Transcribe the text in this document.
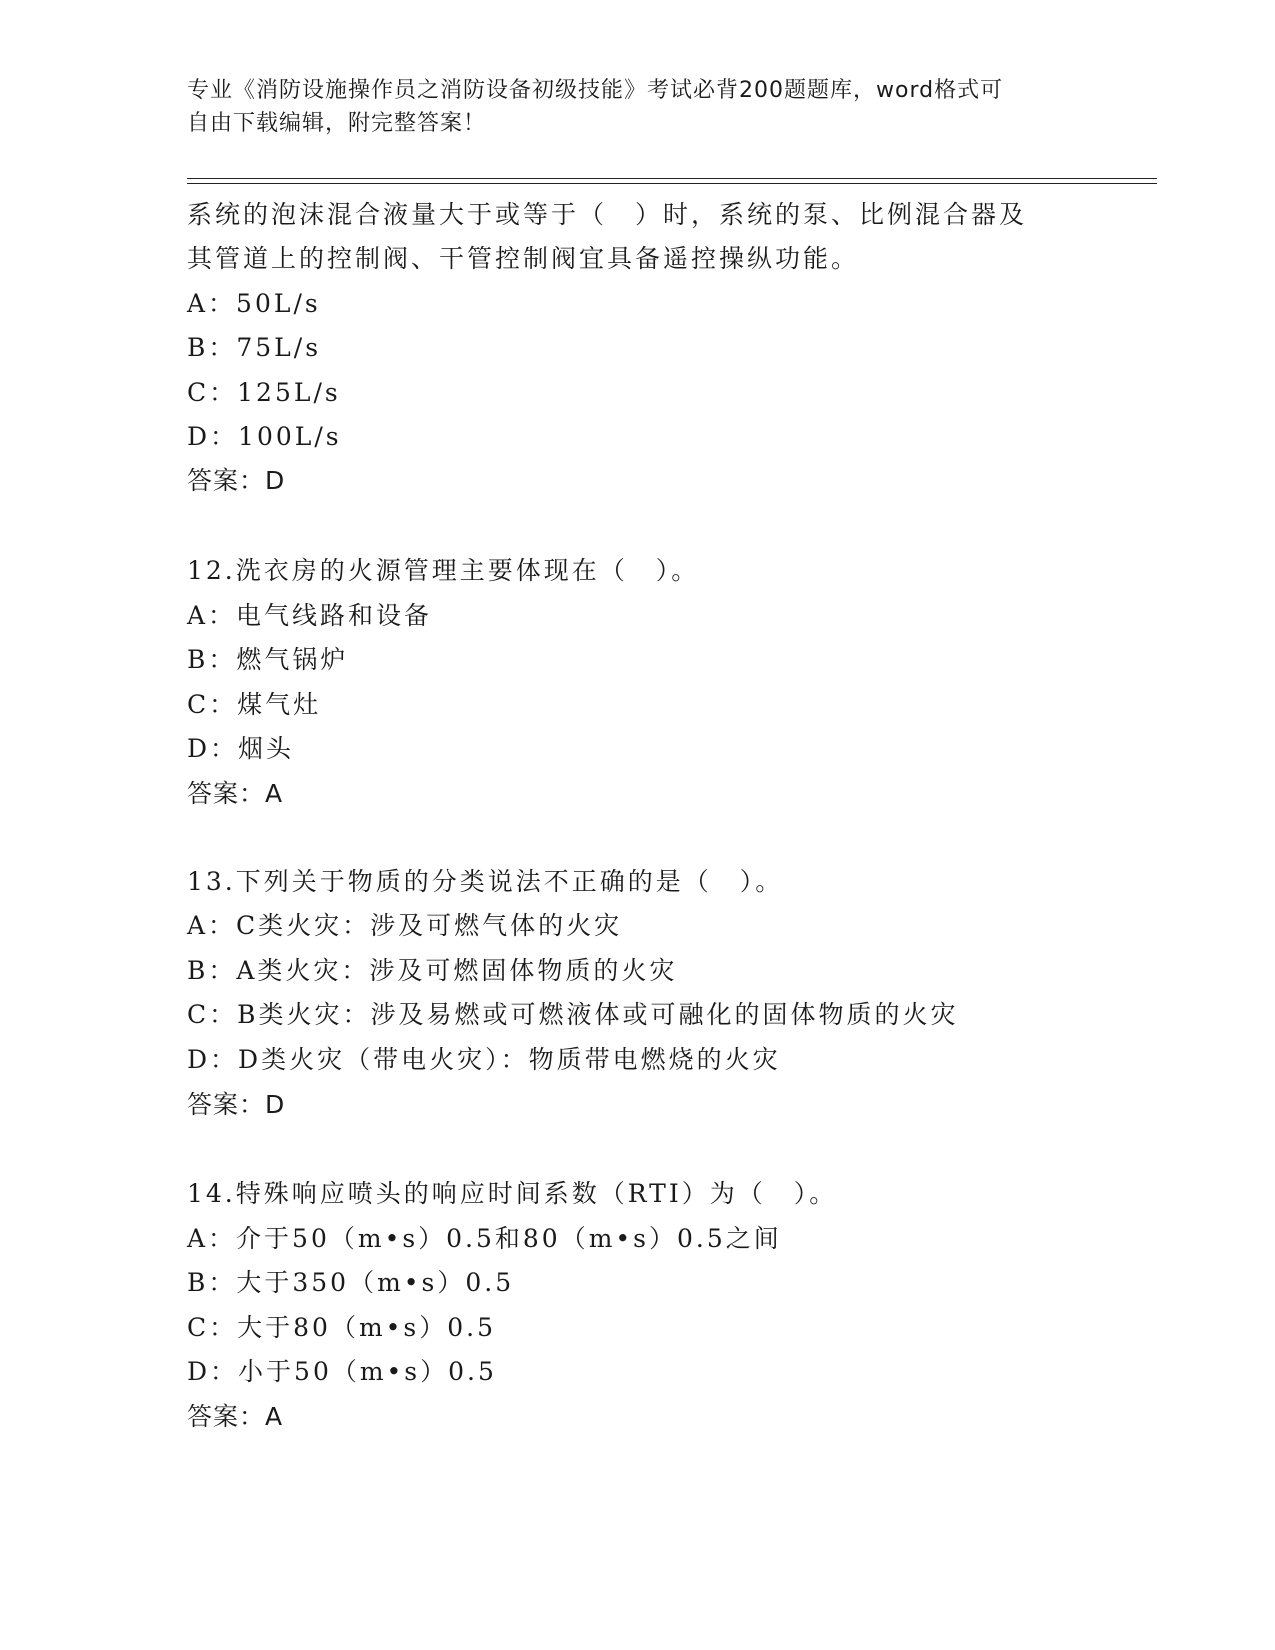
专业《消防设施操作员之消防设备初级技能》考试必背200题题库，word格式可
自由下载编辑，附完整答案！
系统的泡沫混合液量大于或等于（　）时，系统的泵、比例混合器及
其管道上的控制阀、干管控制阀宜具备遥控操纵功能。
A：50L/s
B：75L/s
C：125L/s
D：100L/s
答案：D
12.洗衣房的火源管理主要体现在（　）。
A：电气线路和设备
B：燃气锅炉
C：煤气灶
D：烟头
答案：A
13.下列关于物质的分类说法不正确的是（　）。
A：C类火灾：涉及可燃气体的火灾
B：A类火灾：涉及可燃固体物质的火灾
C：B类火灾：涉及易燃或可燃液体或可融化的固体物质的火灾
D：D类火灾（带电火灾）：物质带电燃烧的火灾
答案：D
14.特殊响应喷头的响应时间系数（RTI）为（　）。
A：介于50（m•s）0.5和80（m•s）0.5之间
B：大于350（m•s）0.5
C：大于80（m•s）0.5
D：小于50（m•s）0.5
答案：A
